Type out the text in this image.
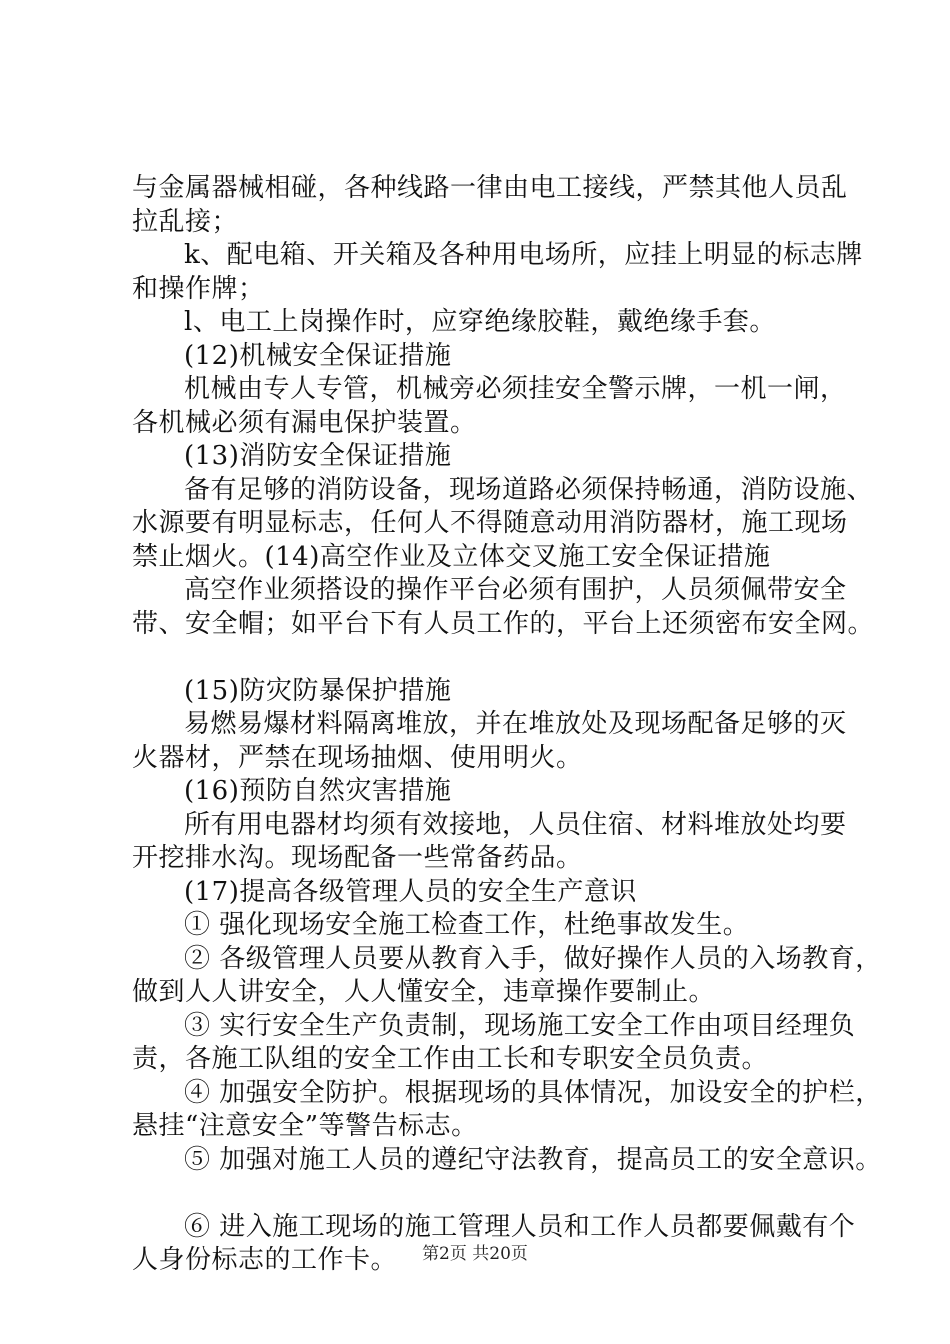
与金属器械相碰，各种线路一律由电工接线，严禁其他人员乱
拉乱接；
k、配电箱、开关箱及各种用电场所，应挂上明显的标志牌
和操作牌；
l、电工上岗操作时，应穿绝缘胶鞋，戴绝缘手套。
(12)机械安全保证措施
机械由专人专管，机械旁必须挂安全警示牌，一机一闸，
各机械必须有漏电保护装置。
(13)消防安全保证措施
备有足够的消防设备，现场道路必须保持畅通，消防设施、
水源要有明显标志，任何人不得随意动用消防器材，施工现场
禁止烟火。(14)高空作业及立体交叉施工安全保证措施
高空作业须搭设的操作平台必须有围护，人员须佩带安全
带、安全帽；如平台下有人员工作的，平台上还须密布安全网。
(15)防灾防暴保护措施
易燃易爆材料隔离堆放，并在堆放处及现场配备足够的灭
火器材，严禁在现场抽烟、使用明火。
(16)预防自然灾害措施
所有用电器材均须有效接地，人员住宿、材料堆放处均要
开挖排水沟。现场配备一些常备药品。
(17)提高各级管理人员的安全生产意识
① 强化现场安全施工检查工作，杜绝事故发生。
② 各级管理人员要从教育入手，做好操作人员的入场教育，
做到人人讲安全，人人懂安全，违章操作要制止。
③ 实行安全生产负责制，现场施工安全工作由项目经理负
责，各施工队组的安全工作由工长和专职安全员负责。
④ 加强安全防护。根据现场的具体情况，加设安全的护栏，
悬挂“注意安全”等警告标志。
⑤ 加强对施工人员的遵纪守法教育，提高员工的安全意识。
⑥ 进入施工现场的施工管理人员和工作人员都要佩戴有个
人身份标志的工作卡。	第2页 共20页
